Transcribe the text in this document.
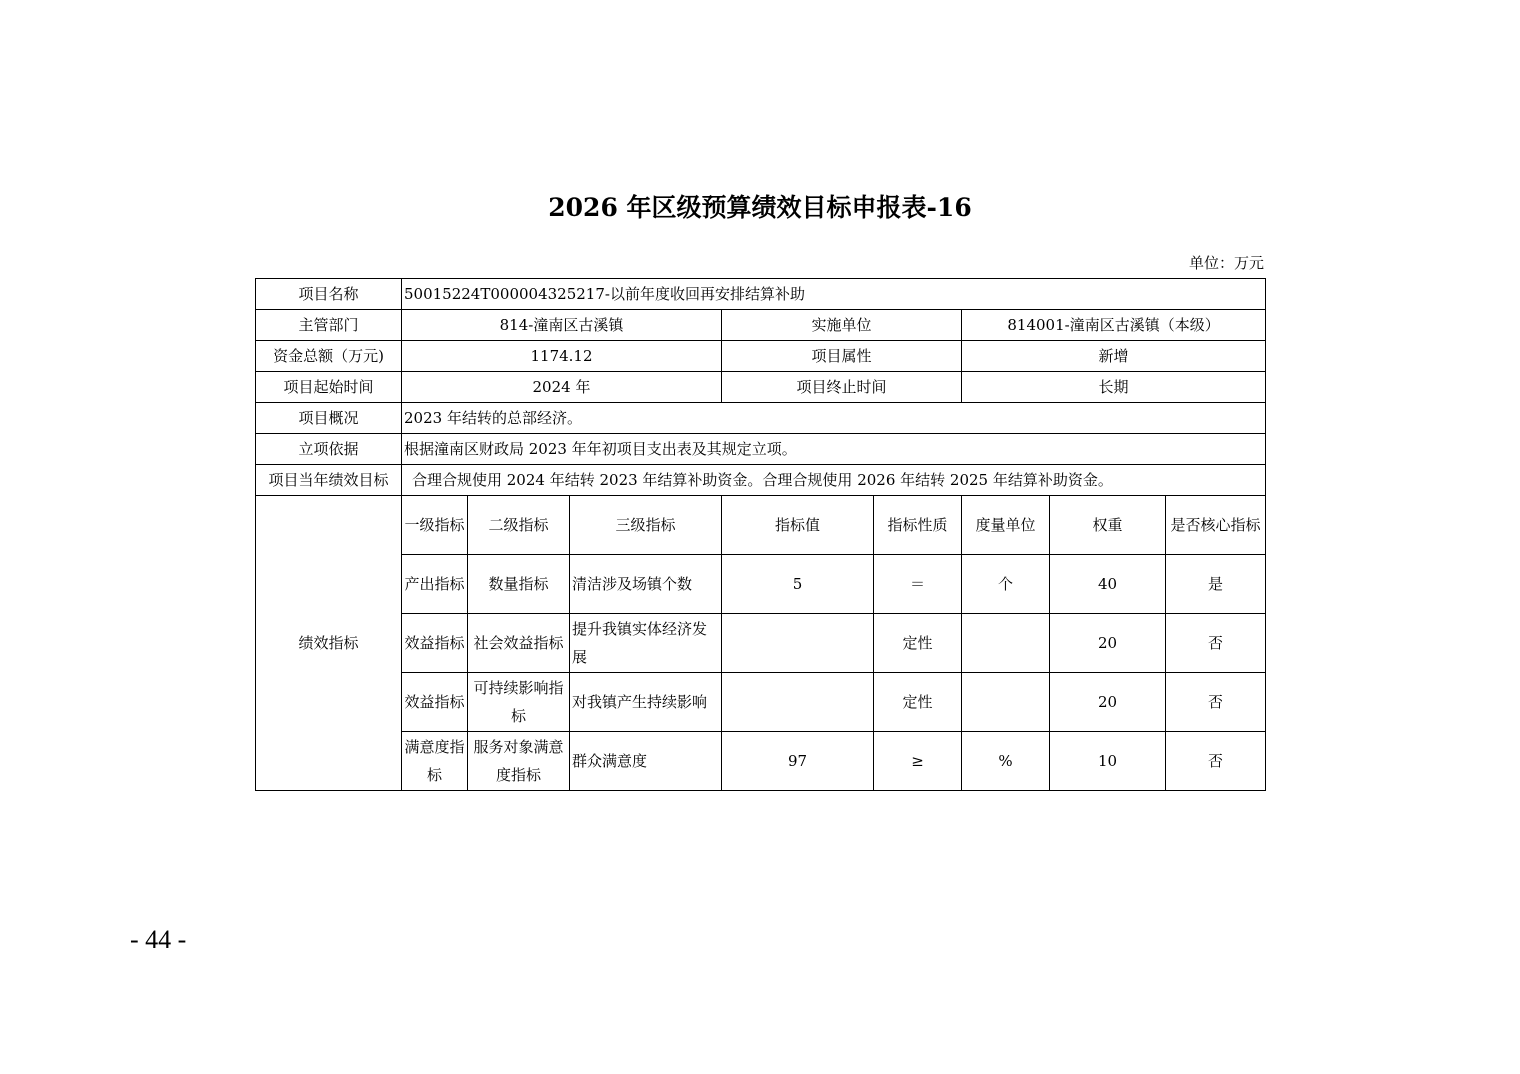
2026 年区级预算绩效目标申报表-16
单位：万元
项目名称	50015224T000004325217-以前年度收回再安排结算补助							
主管部门	814-潼南区古溪镇			实施单位		814001-潼南区古溪镇（本级）		
资金总额（万元)	1174.12			项目属性		新增		
项目起始时间	2024 年			项目终止时间		长期		
项目概况	2023 年结转的总部经济。							
立项依据	根据潼南区财政局 2023 年年初项目支出表及其规定立项。							
项目当年绩效目标	合理合规使用 2024 年结转 2023 年结算补助资金。合理合规使用 2026 年结转 2025 年结算补助资金。							
绩效指标	一级指标	二级指标	三级指标	指标值	指标性质	度量单位	权重	是否核心指标
	产出指标	数量指标	清洁涉及场镇个数	5	＝	个	40	是
	效益指标	社会效益指标	提升我镇实体经济发展		定性		20	否
	效益指标	可持续影响指标	对我镇产生持续影响		定性		20	否
	满意度指标	服务对象满意度指标	群众满意度	97	≥	%	10	否
- 44 -
